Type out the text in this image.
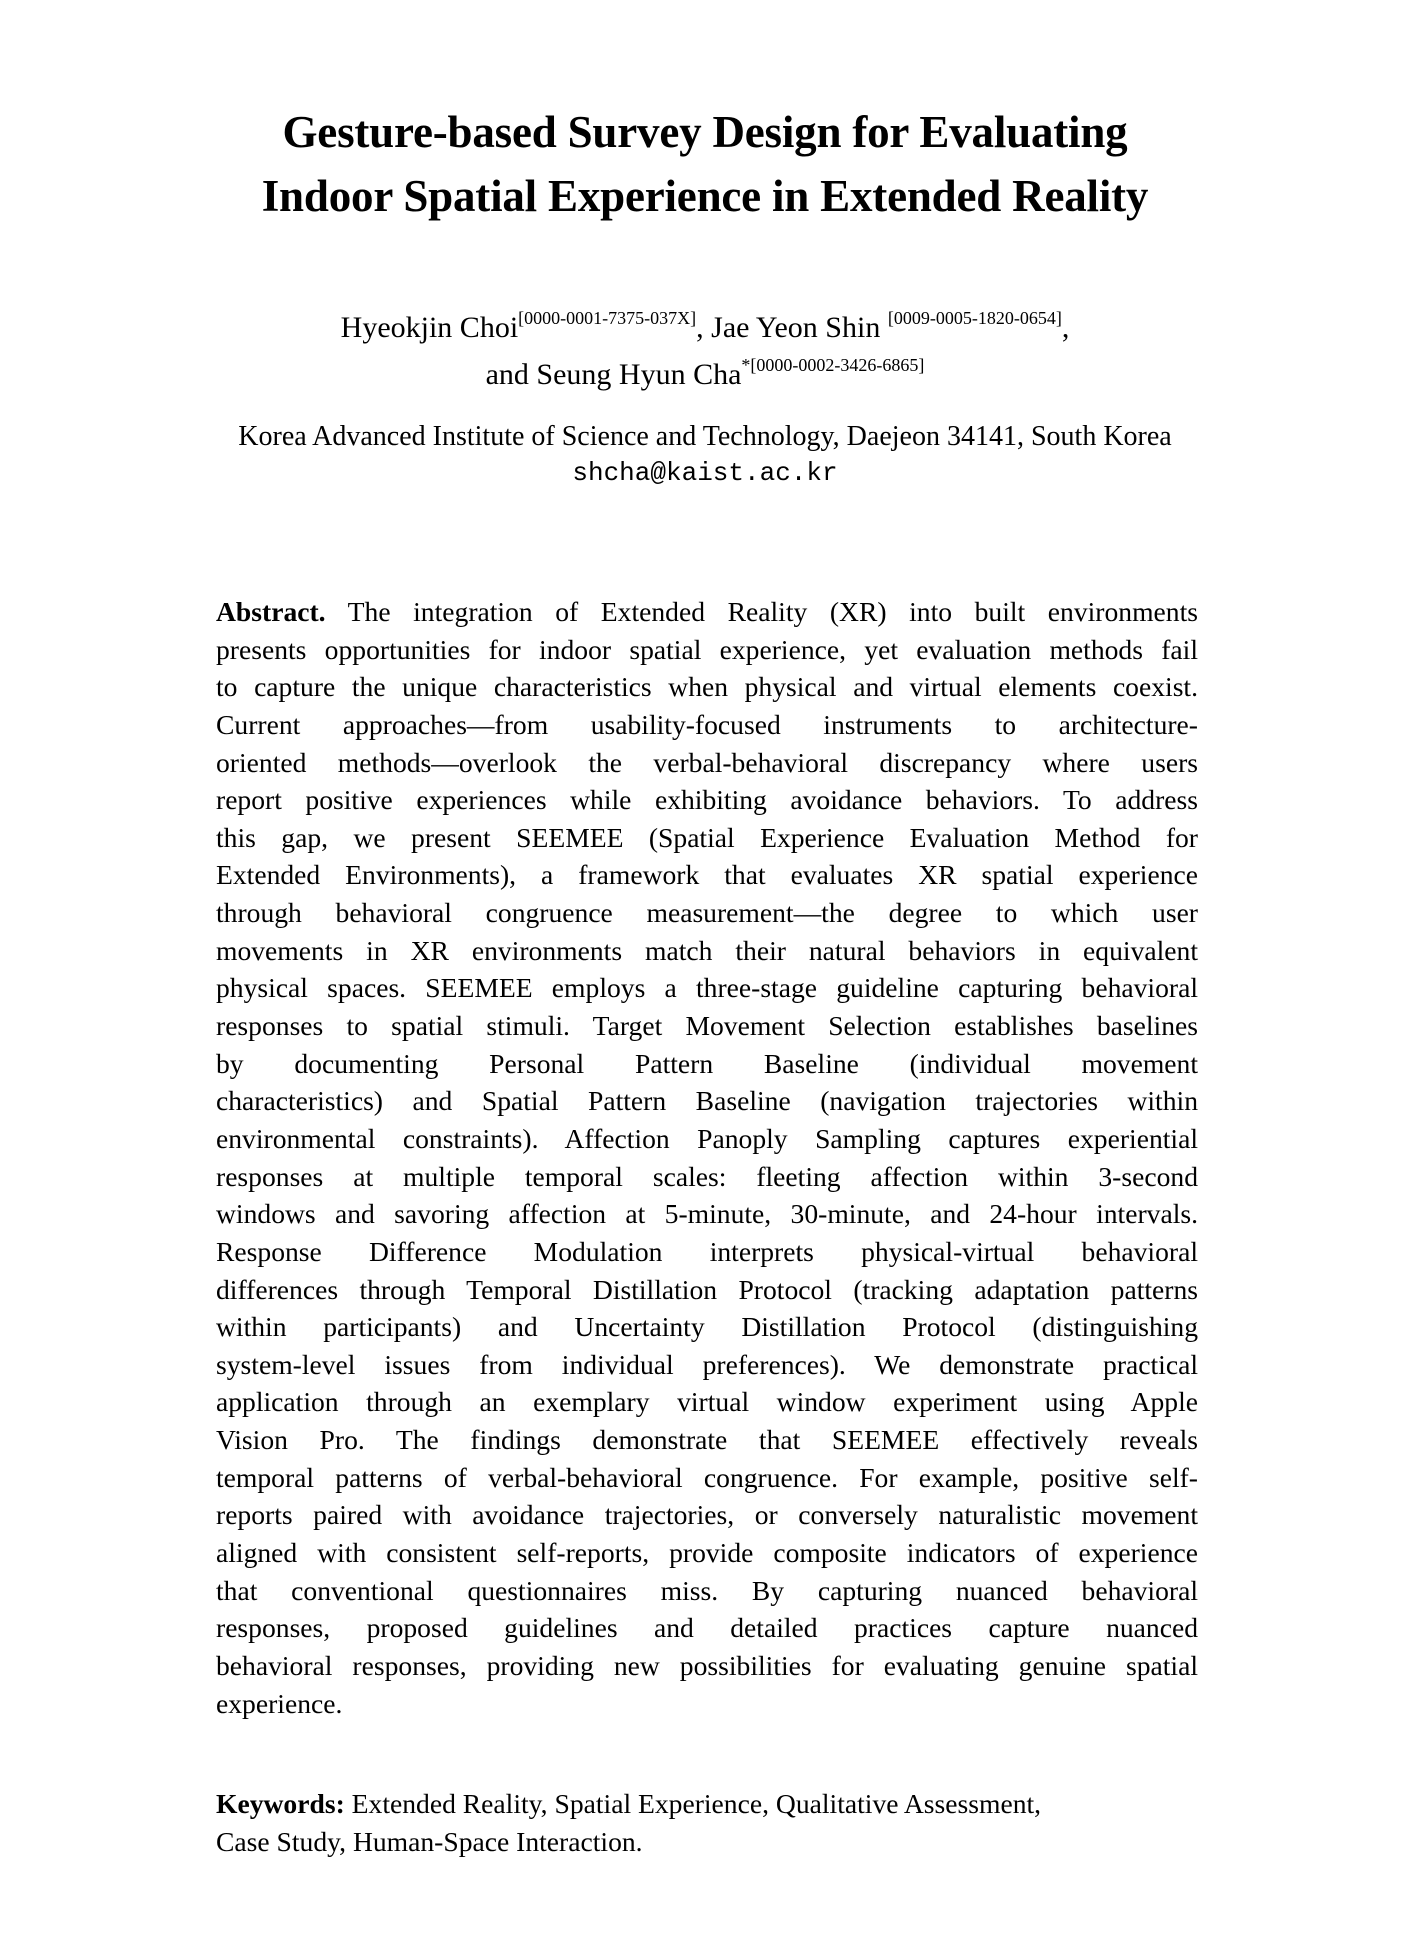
Gesture-based Survey Design for Evaluating
Indoor Spatial Experience in Extended Reality
Hyeokjin Choi[0000-0001-7375-037X], Jae Yeon Shin [0009-0005-1820-0654],
and Seung Hyun Cha$^{*[0000-0002-3426-6865]}$
Korea Advanced Institute of Science and Technology, Daejeon 34141, South Korea
shcha@kaist.ac.kr
Abstract. The integration of Extended Reality (XR) into built environments
presents opportunities for indoor spatial experience, yet evaluation methods fail
to capture the unique characteristics when physical and virtual elements coexist.
Current approaches—from usability-focused instruments to architecture-
oriented methods—overlook the verbal-behavioral discrepancy where users
report positive experiences while exhibiting avoidance behaviors. To address
this gap, we present SEEMEE (Spatial Experience Evaluation Method for
Extended Environments), a framework that evaluates XR spatial experience
through behavioral congruence measurement—the degree to which user
movements in XR environments match their natural behaviors in equivalent
physical spaces. SEEMEE employs a three-stage guideline capturing behavioral
responses to spatial stimuli. Target Movement Selection establishes baselines
by documenting Personal Pattern Baseline (individual movement
characteristics) and Spatial Pattern Baseline (navigation trajectories within
environmental constraints). Affection Panoply Sampling captures experiential
responses at multiple temporal scales: fleeting affection within 3-second
windows and savoring affection at 5-minute, 30-minute, and 24-hour intervals.
Response Difference Modulation interprets physical-virtual behavioral
differences through Temporal Distillation Protocol (tracking adaptation patterns
within participants) and Uncertainty Distillation Protocol (distinguishing
system-level issues from individual preferences). We demonstrate practical
application through an exemplary virtual window experiment using Apple
Vision Pro. The findings demonstrate that SEEMEE effectively reveals
temporal patterns of verbal-behavioral congruence. For example, positive self-
reports paired with avoidance trajectories, or conversely naturalistic movement
aligned with consistent self-reports, provide composite indicators of experience
that conventional questionnaires miss. By capturing nuanced behavioral
responses, proposed guidelines and detailed practices capture nuanced
behavioral responses, providing new possibilities for evaluating genuine spatial
experience.
Keywords: Extended Reality, Spatial Experience, Qualitative Assessment,
Case Study, Human-Space Interaction.
